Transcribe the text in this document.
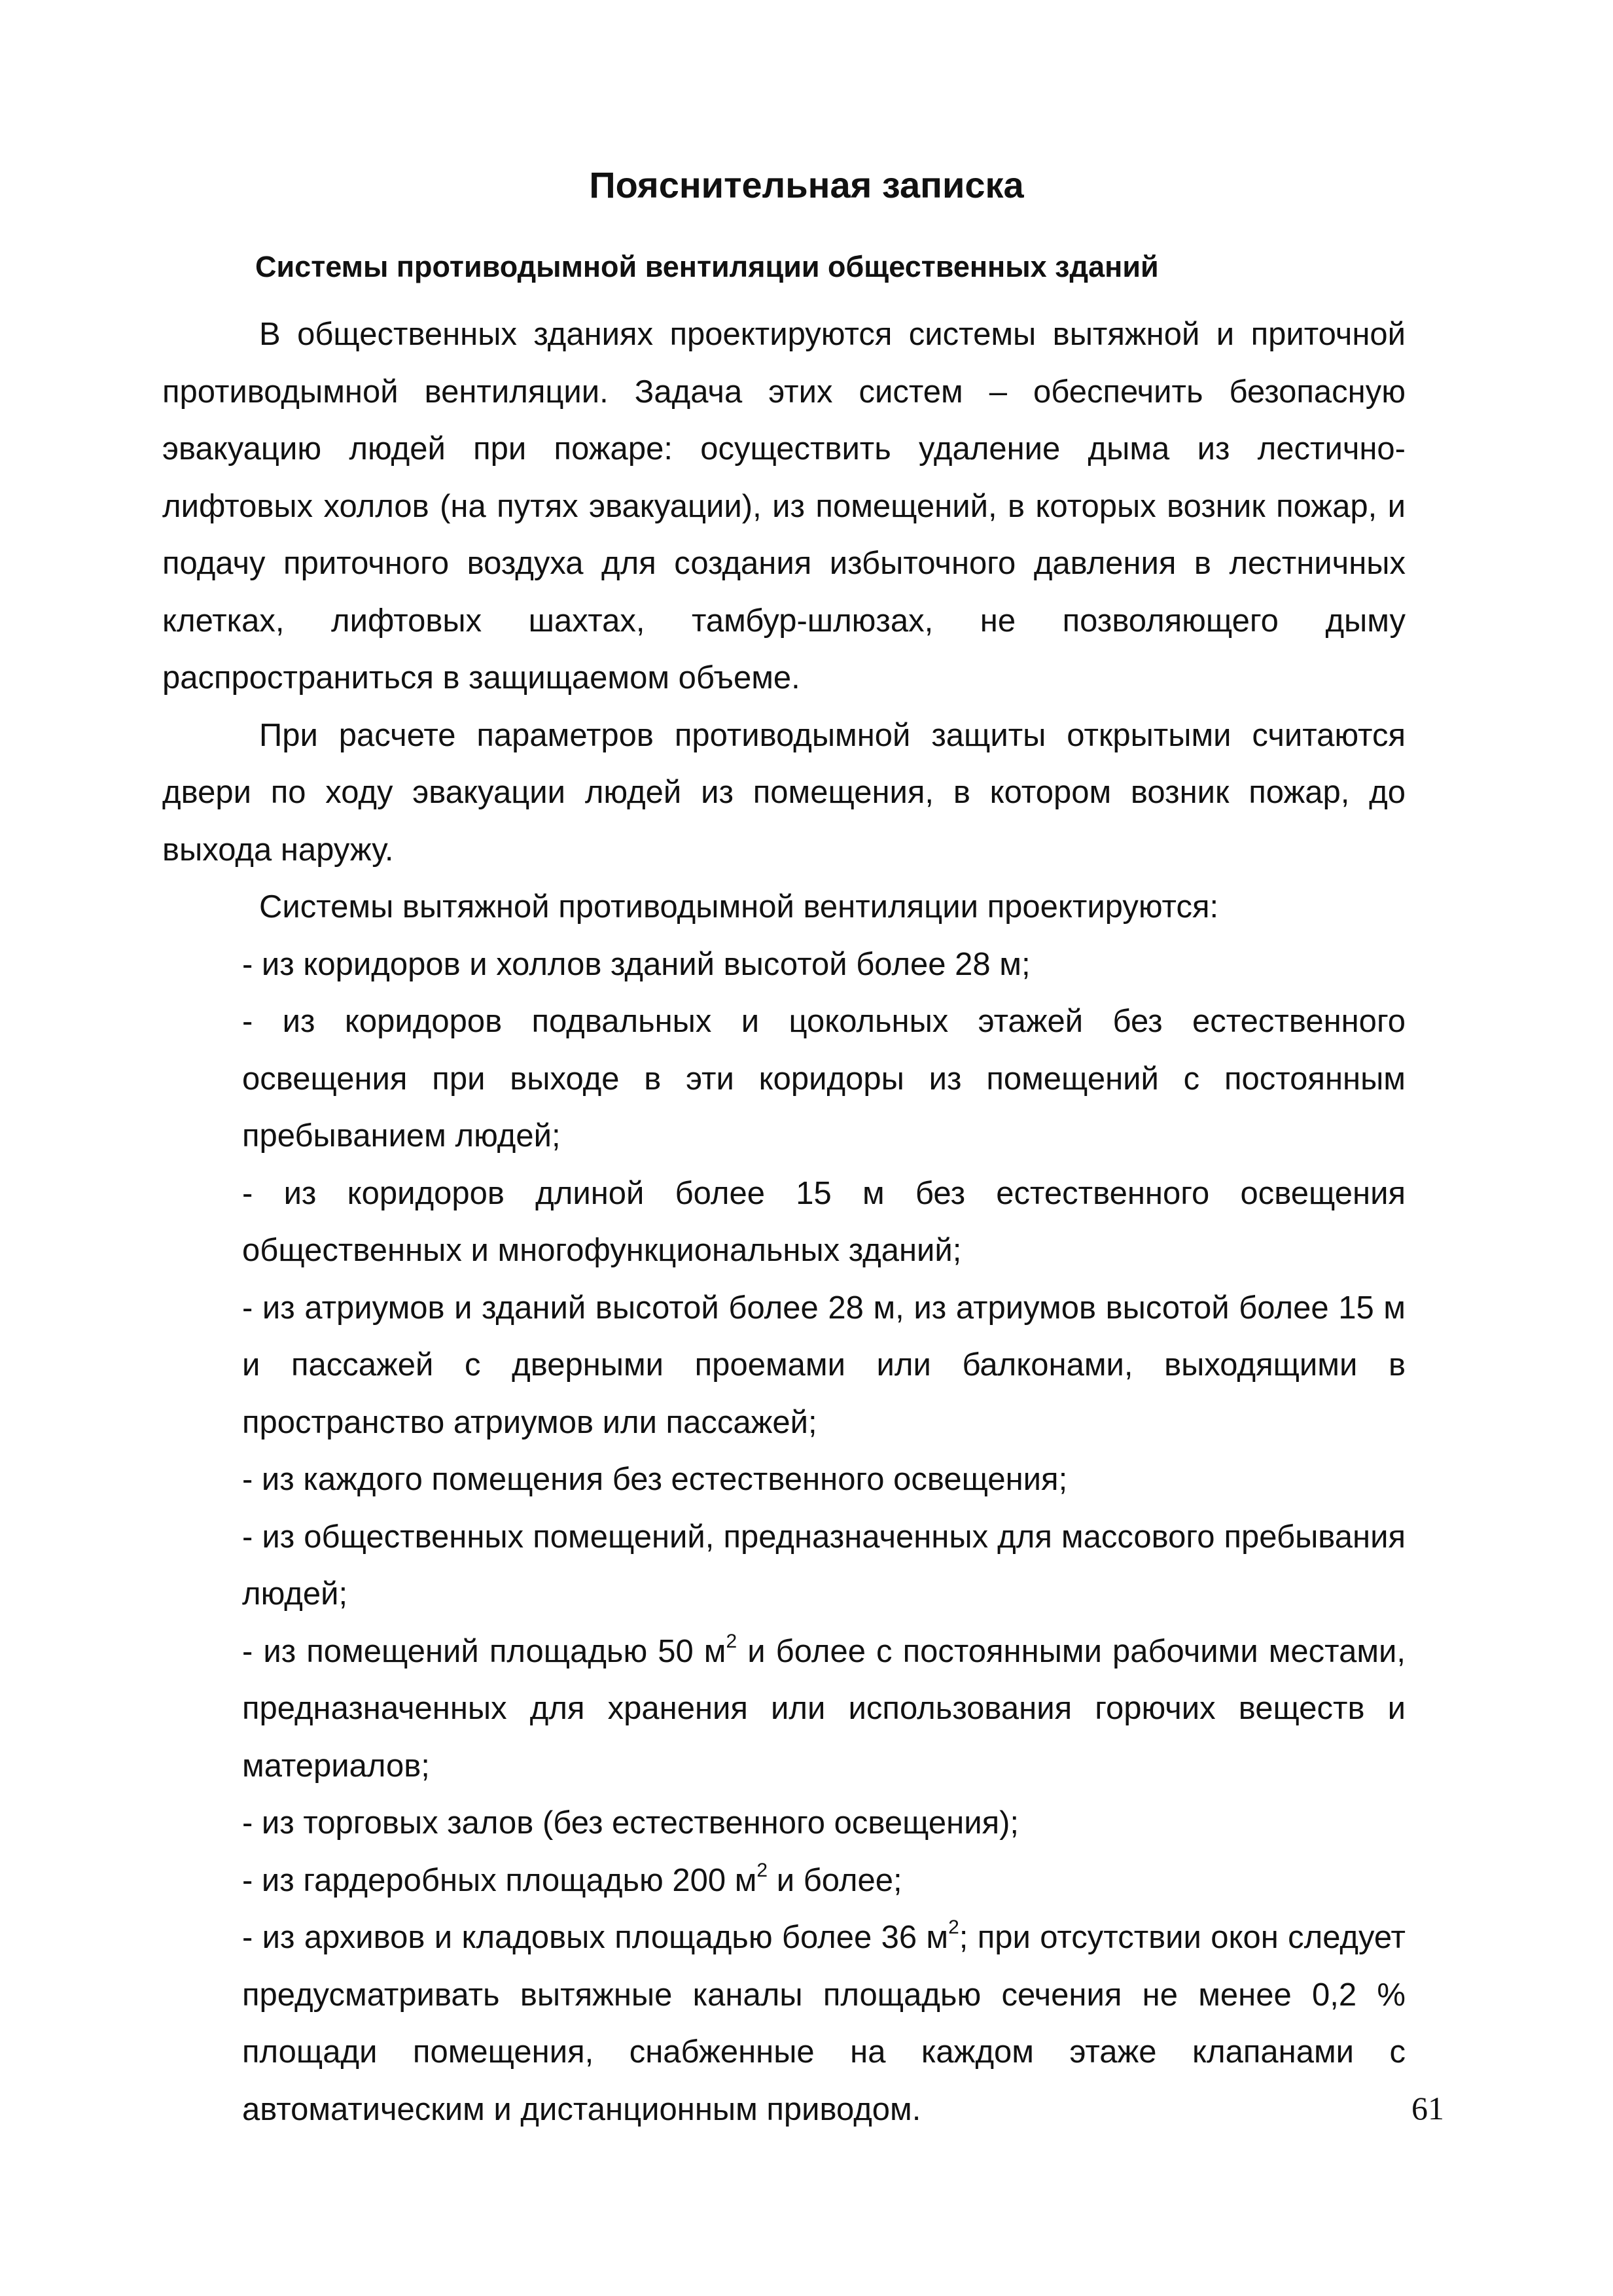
Пояснительная записка
Системы противодымной вентиляции общественных зданий

В общественных зданиях проектируются системы вытяжной и приточной противодымной вентиляции. Задача этих систем – обеспечить безопасную эвакуацию людей при пожаре: осуществить удаление дыма из лестично-лифтовых холлов (на путях эвакуации), из помещений, в которых возник пожар, и подачу приточного воздуха для создания избыточного давления в лестничных клетках, лифтовых шахтах, тамбур-шлюзах, не позволяющего дыму распространиться в защищаемом объеме.

При расчете параметров противодымной защиты открытыми считаются двери по ходу эвакуации людей из помещения, в котором возник пожар, до выхода наружу.

Системы вытяжной противодымной вентиляции проектируются:

- из коридоров и холлов зданий высотой более 28 м;

- из коридоров подвальных и цокольных этажей без естественного освещения при выходе в эти коридоры из помещений с постоянным пребыванием людей;

- из коридоров длиной более 15 м без естественного освещения общественных и многофункциональных зданий;

- из атриумов и зданий высотой более 28 м, из атриумов высотой более 15 м и пассажей с дверными проемами или балконами, выходящими в пространство атриумов или пассажей;

- из каждого помещения без естественного освещения;

- из общественных помещений, предназначенных для массового пребывания людей;

- из помещений площадью 50 $м^2$ и более с постоянными рабочими местами, предназначенных для хранения или использования горючих веществ и материалов;

- из торговых залов (без естественного освещения);

- из гардеробных площадью 200 $м^2$ и более;

- из архивов и кладовых площадью более 36 $м^2$; при отсутствии окон следует предусматривать вытяжные каналы площадью сечения не менее 0,2 % площади помещения, снабженные на каждом этаже клапанами с автоматическим и дистанционным приводом.	61
